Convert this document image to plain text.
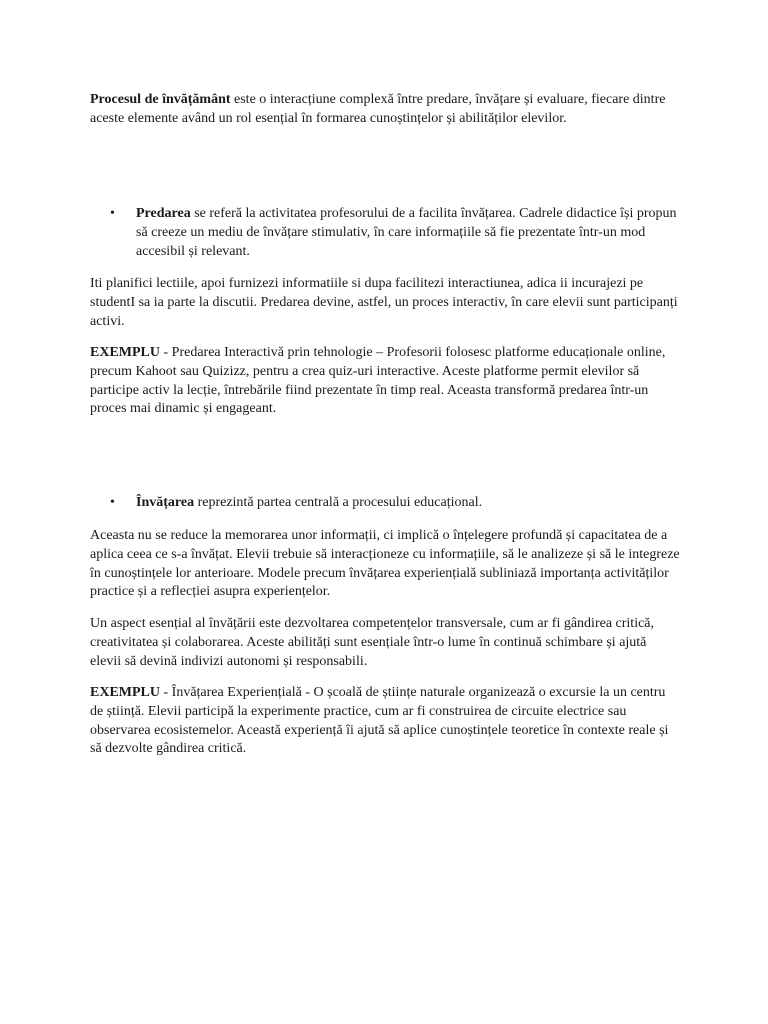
Procesul de învățământ este o interacțiune complexă între predare, învățare și evaluare, fiecare dintre aceste elemente având un rol esențial în formarea cunoștințelor și abilităților elevilor.

• Predarea se referă la activitatea profesorului de a facilita învățarea. Cadrele didactice își propun să creeze un mediu de învățare stimulativ, în care informațiile să fie prezentate într-un mod accesibil și relevant.

Iti planifici lectiile, apoi furnizezi informatiile si dupa facilitezi interactiunea, adica ii incurajezi pe studentI sa ia parte la discutii. Predarea devine, astfel, un proces interactiv, în care elevii sunt participanți activi.

EXEMPLU - Predarea Interactivă prin tehnologie – Profesorii folosesc platforme educaționale online, precum Kahoot sau Quizizz, pentru a crea quiz-uri interactive. Aceste platforme permit elevilor să participe activ la lecție, întrebările fiind prezentate în timp real. Aceasta transformă predarea într-un proces mai dinamic și engageant.

• Învățarea reprezintă partea centrală a procesului educațional.

Aceasta nu se reduce la memorarea unor informații, ci implică o înțelegere profundă și capacitatea de a aplica ceea ce s-a învățat. Elevii trebuie să interacționeze cu informațiile, să le analizeze și să le integreze în cunoștințele lor anterioare. Modele precum învățarea experiențială subliniază importanța activităților practice și a reflecției asupra experiențelor.

Un aspect esențial al învățării este dezvoltarea competențelor transversale, cum ar fi gândirea critică, creativitatea și colaborarea. Aceste abilități sunt esențiale într-o lume în continuă schimbare și ajută elevii să devină indivizi autonomi și responsabili.

EXEMPLU - Învățarea Experiențială - O școală de științe naturale organizează o excursie la un centru de știință. Elevii participă la experimente practice, cum ar fi construirea de circuite electrice sau observarea ecosistemelor. Această experiență îi ajută să aplice cunoștințele teoretice în contexte reale și să dezvolte gândirea critică.
